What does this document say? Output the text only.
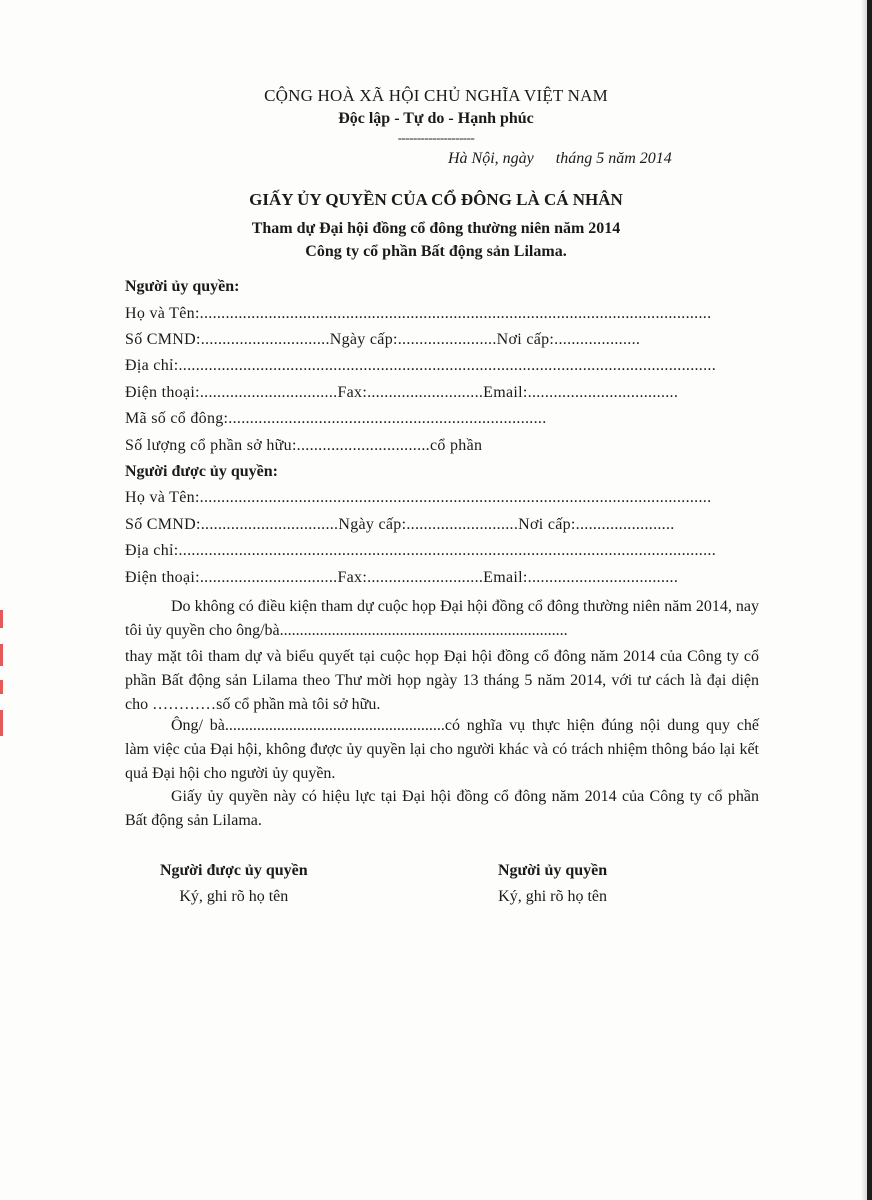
CỘNG HOÀ XÃ HỘI CHỦ NGHĨA VIỆT NAM
Độc lập - Tự do - Hạnh phúc
--------------------
Hà Nội, ngày tháng 5 năm 2014
GIẤY ỦY QUYỀN CỦA CỔ ĐÔNG LÀ CÁ NHÂN
Tham dự Đại hội đồng cổ đông thường niên năm 2014
Công ty cổ phần Bất động sản Lilama.
Người ủy quyền:
Họ và Tên:.......................................................................................................................
Số CMND:..............................Ngày cấp:.......................Nơi cấp:....................
Địa chỉ:.............................................................................................................................
Điện thoại:................................Fax:...........................Email:...................................
Mã số cổ đông:..........................................................................
Số lượng cổ phần sở hữu:...............................cổ phần
Người được ủy quyền:
Họ và Tên:.......................................................................................................................
Số CMND:................................Ngày cấp:..........................Nơi cấp:.......................
Địa chỉ:.............................................................................................................................
Điện thoại:................................Fax:...........................Email:...................................
Do không có điều kiện tham dự cuộc họp Đại hội đồng cổ đông thường niên năm 2014, nay tôi ủy quyền cho ông/bà........................................................................
thay mặt tôi tham dự và biểu quyết tại cuộc họp Đại hội đồng cổ đông năm 2014 của Công ty cổ phần Bất động sản Lilama theo Thư mời họp ngày 13 tháng 5 năm 2014, với tư cách là đại diện cho …………số cổ phần mà tôi sở hữu.
Ông/ bà.......................................................có nghĩa vụ thực hiện đúng nội dung quy chế làm việc của Đại hội, không được ủy quyền lại cho người khác và có trách nhiệm thông báo lại kết quả Đại hội cho người ủy quyền.
Giấy ủy quyền này có hiệu lực tại Đại hội đồng cổ đông năm 2014 của Công ty cổ phần Bất động sản Lilama.
Người được ủy quyền
Ký, ghi rõ họ tên
Người ủy quyền
Ký, ghi rõ họ tên
